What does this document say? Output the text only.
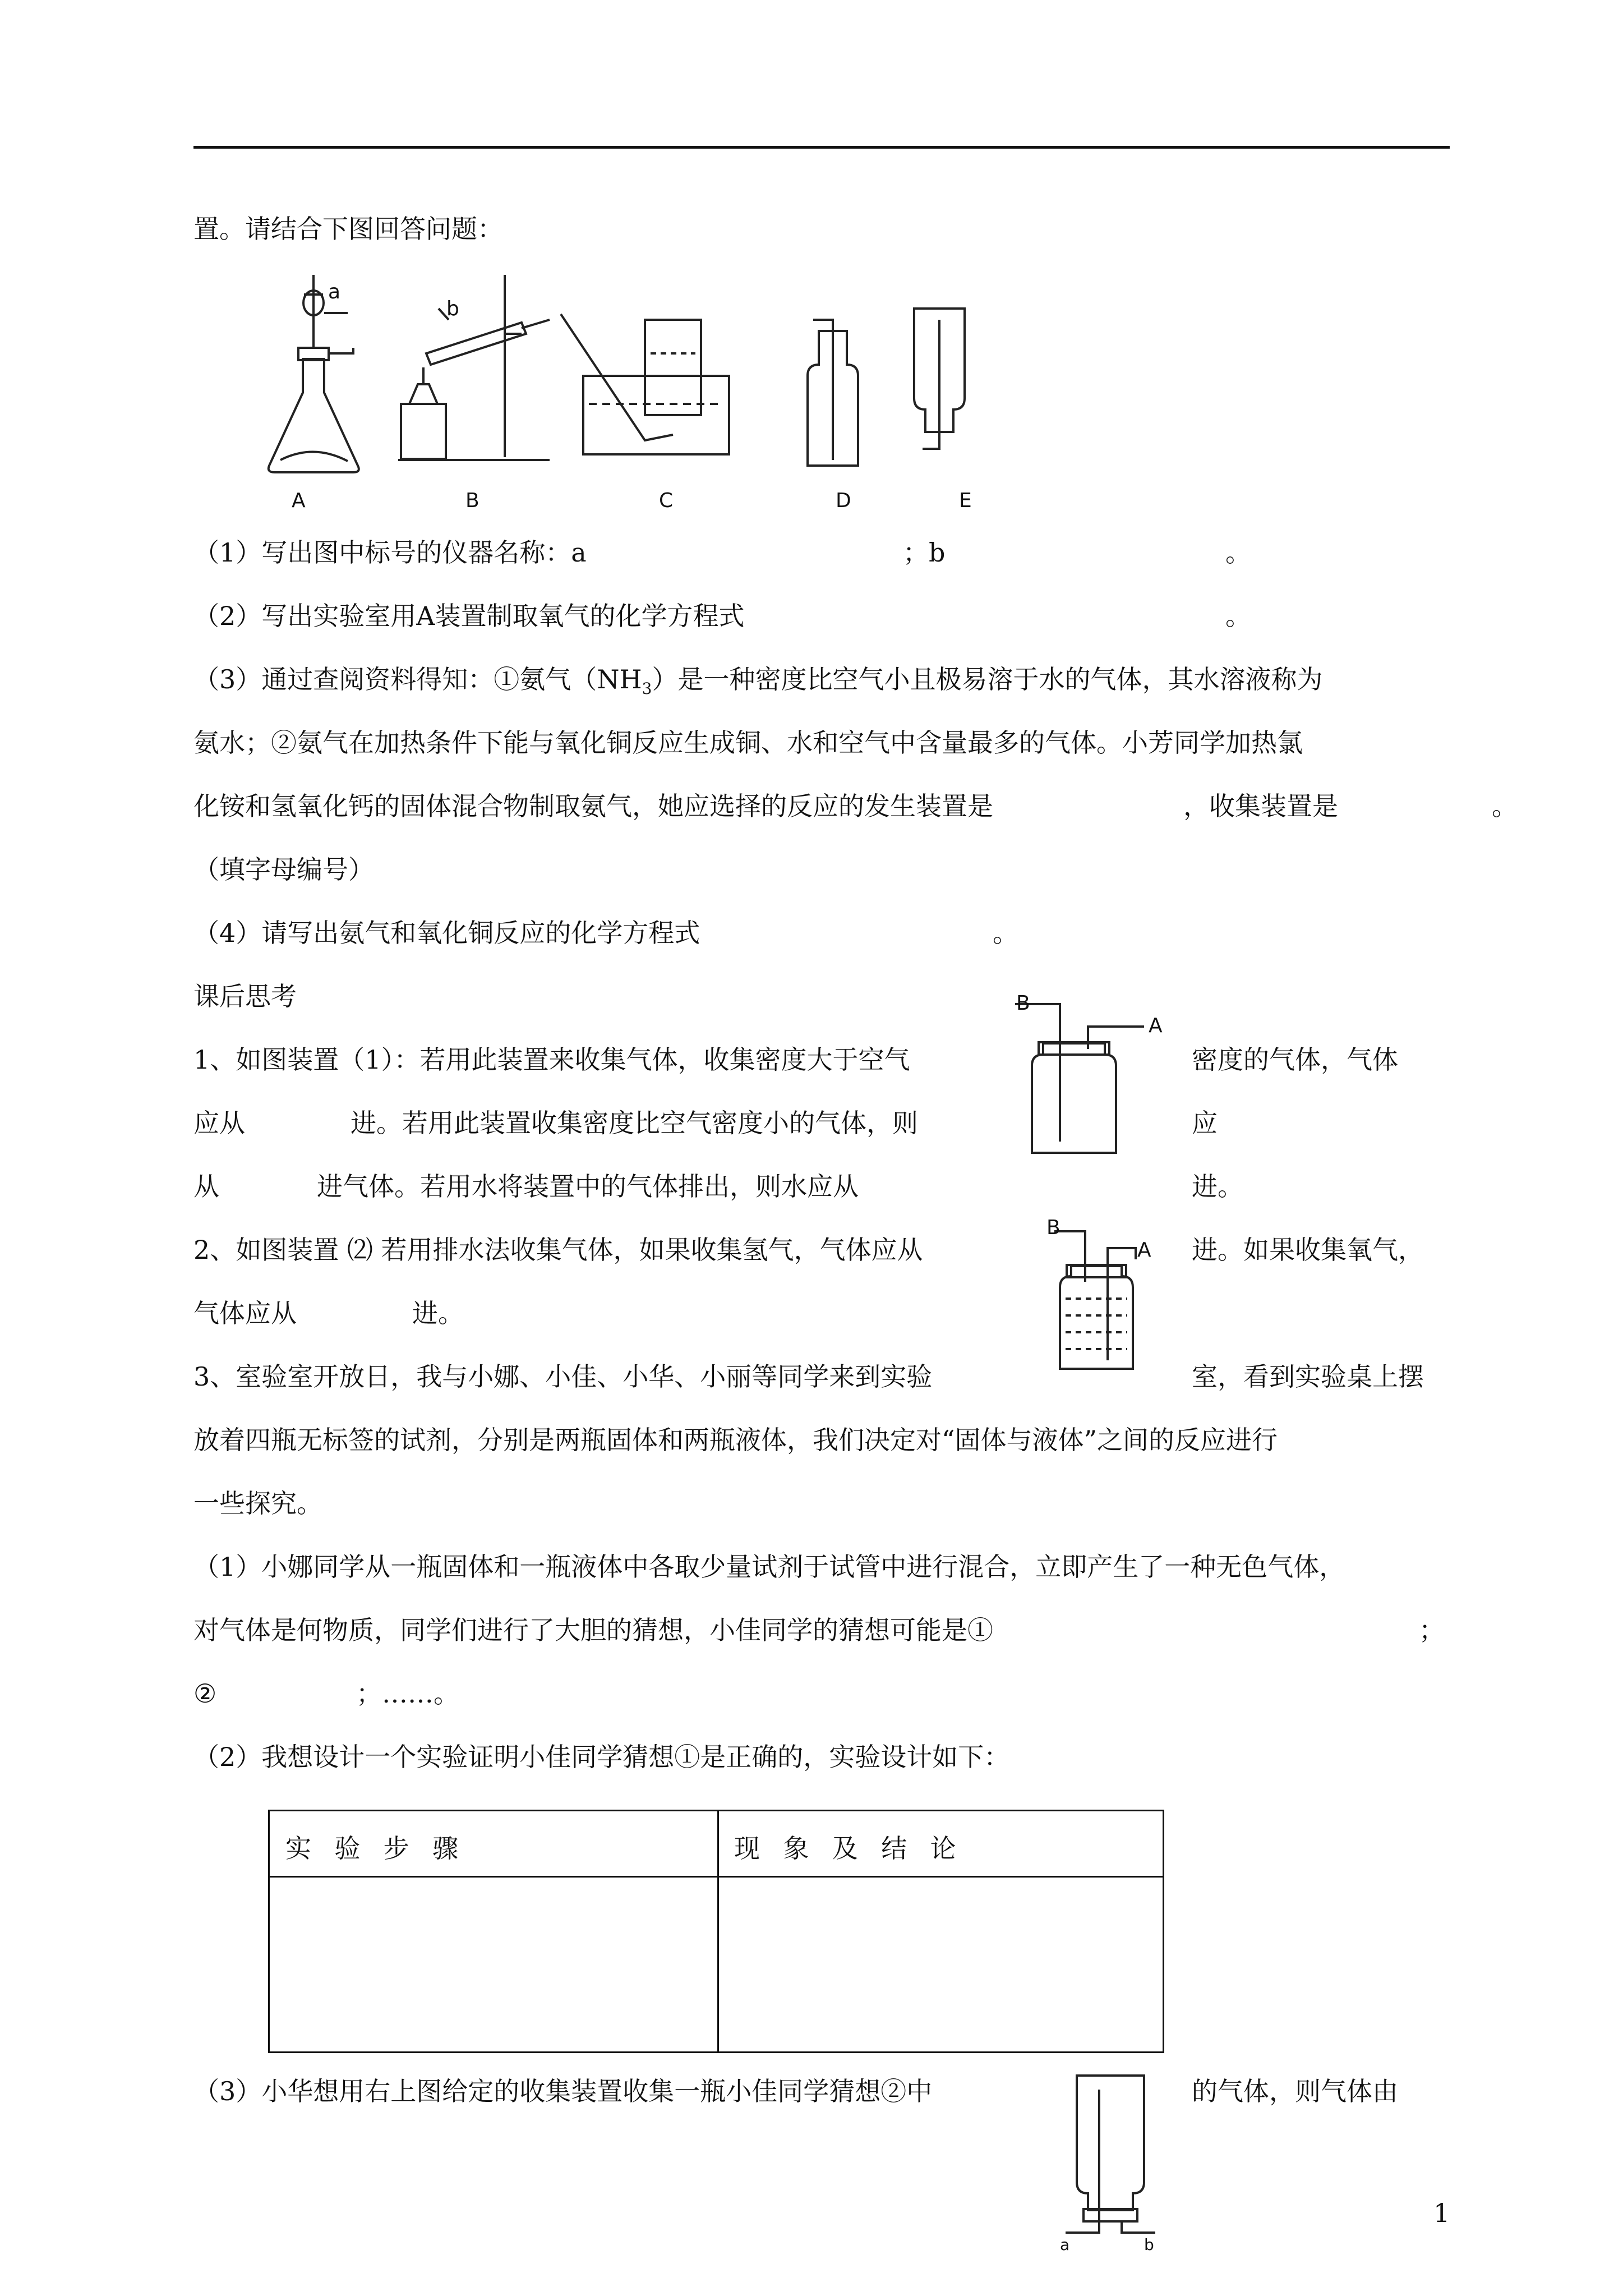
置。请结合下图回答问题：
a
b
A	B	C	D	E
（1）写出图中标号的仪器名称：a	；b	。
（2）写出实验室用A装置制取氧气的化学方程式	。
（3）通过查阅资料得知：①氨气$(NH_3)$是一种密度比空气小且极易溶于水的气体，其水溶液称为
氨水；②氨气在加热条件下能与氧化铜反应生成铜、水和空气中含量最多的气体。小芳同学加热氯
化铵和氢氧化钙的固体混合物制取氨气，她应选择的反应的发生装置是	，收集装置是	。
（填字母编号）
（4）请写出氨气和氧化铜反应的化学方程式	。
课后思考	B
A
1、如图装置（1）：若用此装置来收集气体，收集密度大于空气	密度的气体，气体
应从	进。若用此装置收集密度比空气密度小的气体，则	应
从	进气体。若用水将装置中的气体排出，则水应从	进。
B
A
2、如图装置 ⑵ 若用排水法收集气体，如果收集氢气，气体应从	进。如果收集氧气，
气体应从	进。
3、室验室开放日，我与小娜、小佳、小华、小丽等同学来到实验	室，看到实验桌上摆
放着四瓶无标签的试剂，分别是两瓶固体和两瓶液体，我们决定对“固体与液体”之间的反应进行
一些探究。
（1）小娜同学从一瓶固体和一瓶液体中各取少量试剂于试管中进行混合，立即产生了一种无色气体，
对气体是何物质，同学们进行了大胆的猜想，小佳同学的猜想可能是①	；
②	；……。
（2）我想设计一个实验证明小佳同学猜想①是正确的，实验设计如下：
实验步骤	现象及结论
（3）小华想用右上图给定的收集装置收集一瓶小佳同学猜想②中	的气体，则气体由
a	b
1
